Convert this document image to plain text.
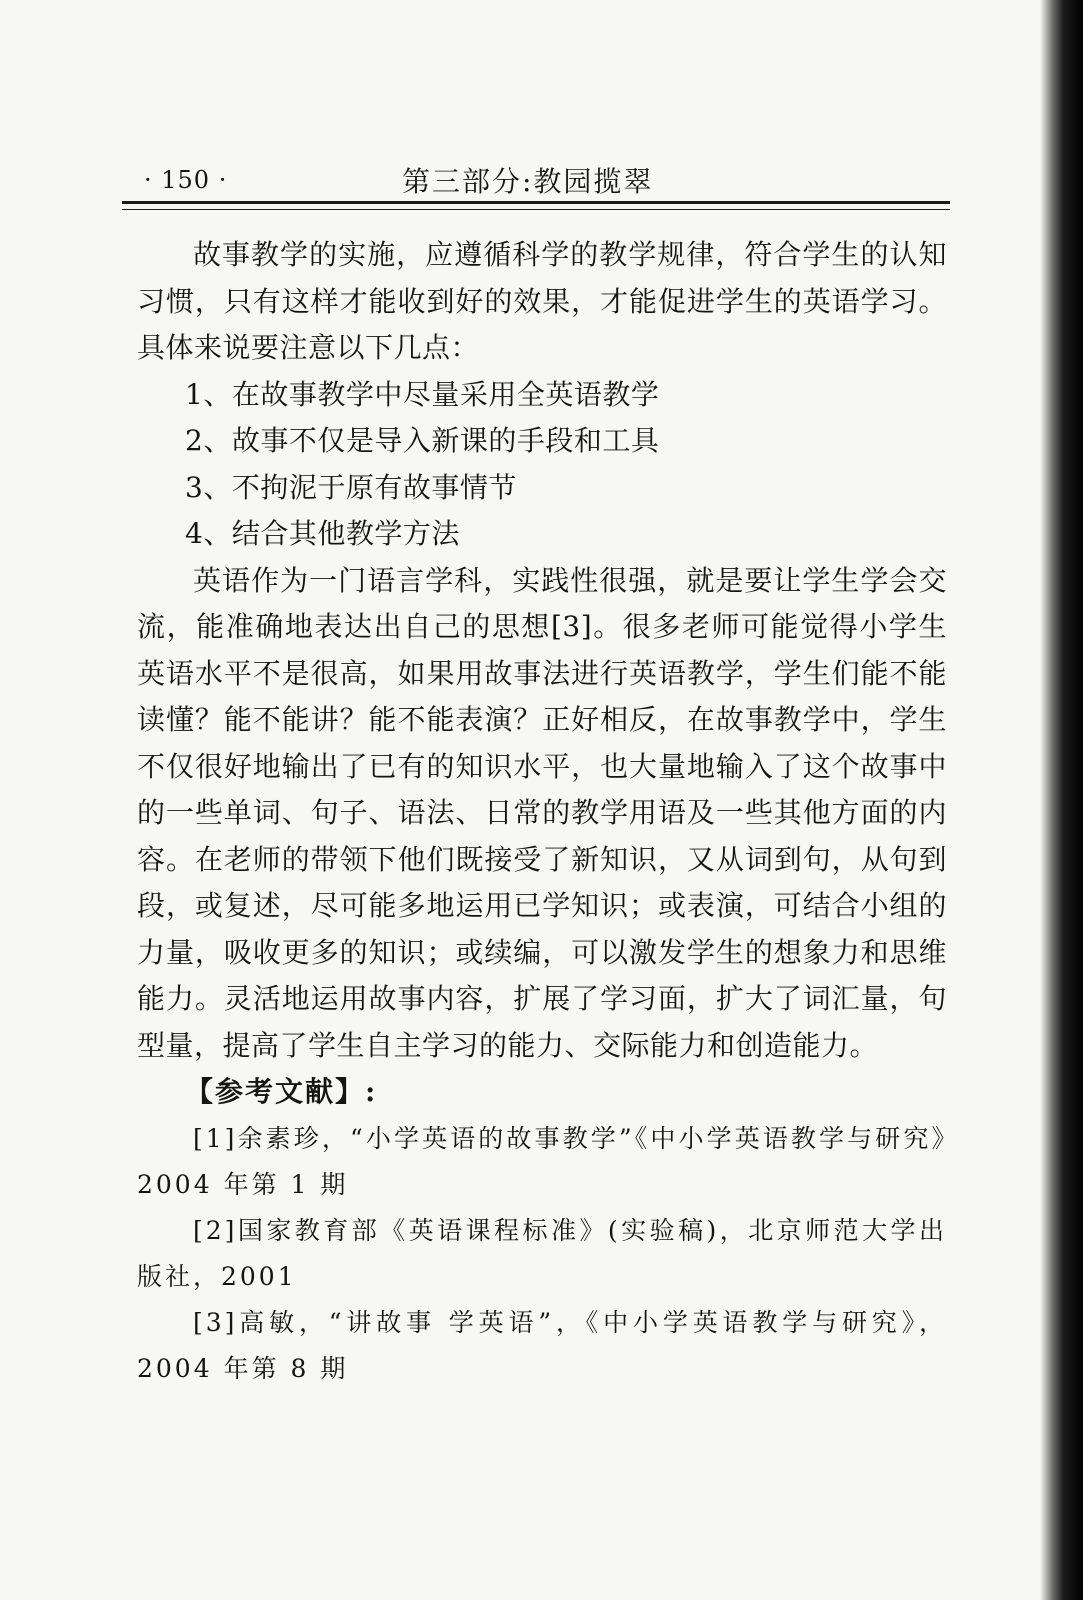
· 150 ·	第三部分:教园揽翠

故事教学的实施，应遵循科学的教学规律，符合学生的认知习惯，只有这样才能收到好的效果，才能促进学生的英语学习。具体来说要注意以下几点：

1、在故事教学中尽量采用全英语教学

2、故事不仅是导入新课的手段和工具

3、不拘泥于原有故事情节

4、结合其他教学方法

英语作为一门语言学科，实践性很强，就是要让学生学会交流，能准确地表达出自己的思想[3]。很多老师可能觉得小学生英语水平不是很高，如果用故事法进行英语教学，学生们能不能读懂？能不能讲？能不能表演？正好相反，在故事教学中，学生不仅很好地输出了已有的知识水平，也大量地输入了这个故事中的一些单词、句子、语法、日常的教学用语及一些其他方面的内容。在老师的带领下他们既接受了新知识，又从词到句，从句到段，或复述，尽可能多地运用已学知识；或表演，可结合小组的力量，吸收更多的知识；或续编，可以激发学生的想象力和思维能力。灵活地运用故事内容，扩展了学习面，扩大了词汇量，句型量，提高了学生自主学习的能力、交际能力和创造能力。

【参考文献】:

[1]余素珍，“小学英语的故事教学”《中小学英语教学与研究》2004 年第 1 期

[2]国家教育部《英语课程标准》(实验稿)，北京师范大学出版社，2001

[3]高敏，“讲故事 学英语”，《中小学英语教学与研究》，2004 年第 8 期
